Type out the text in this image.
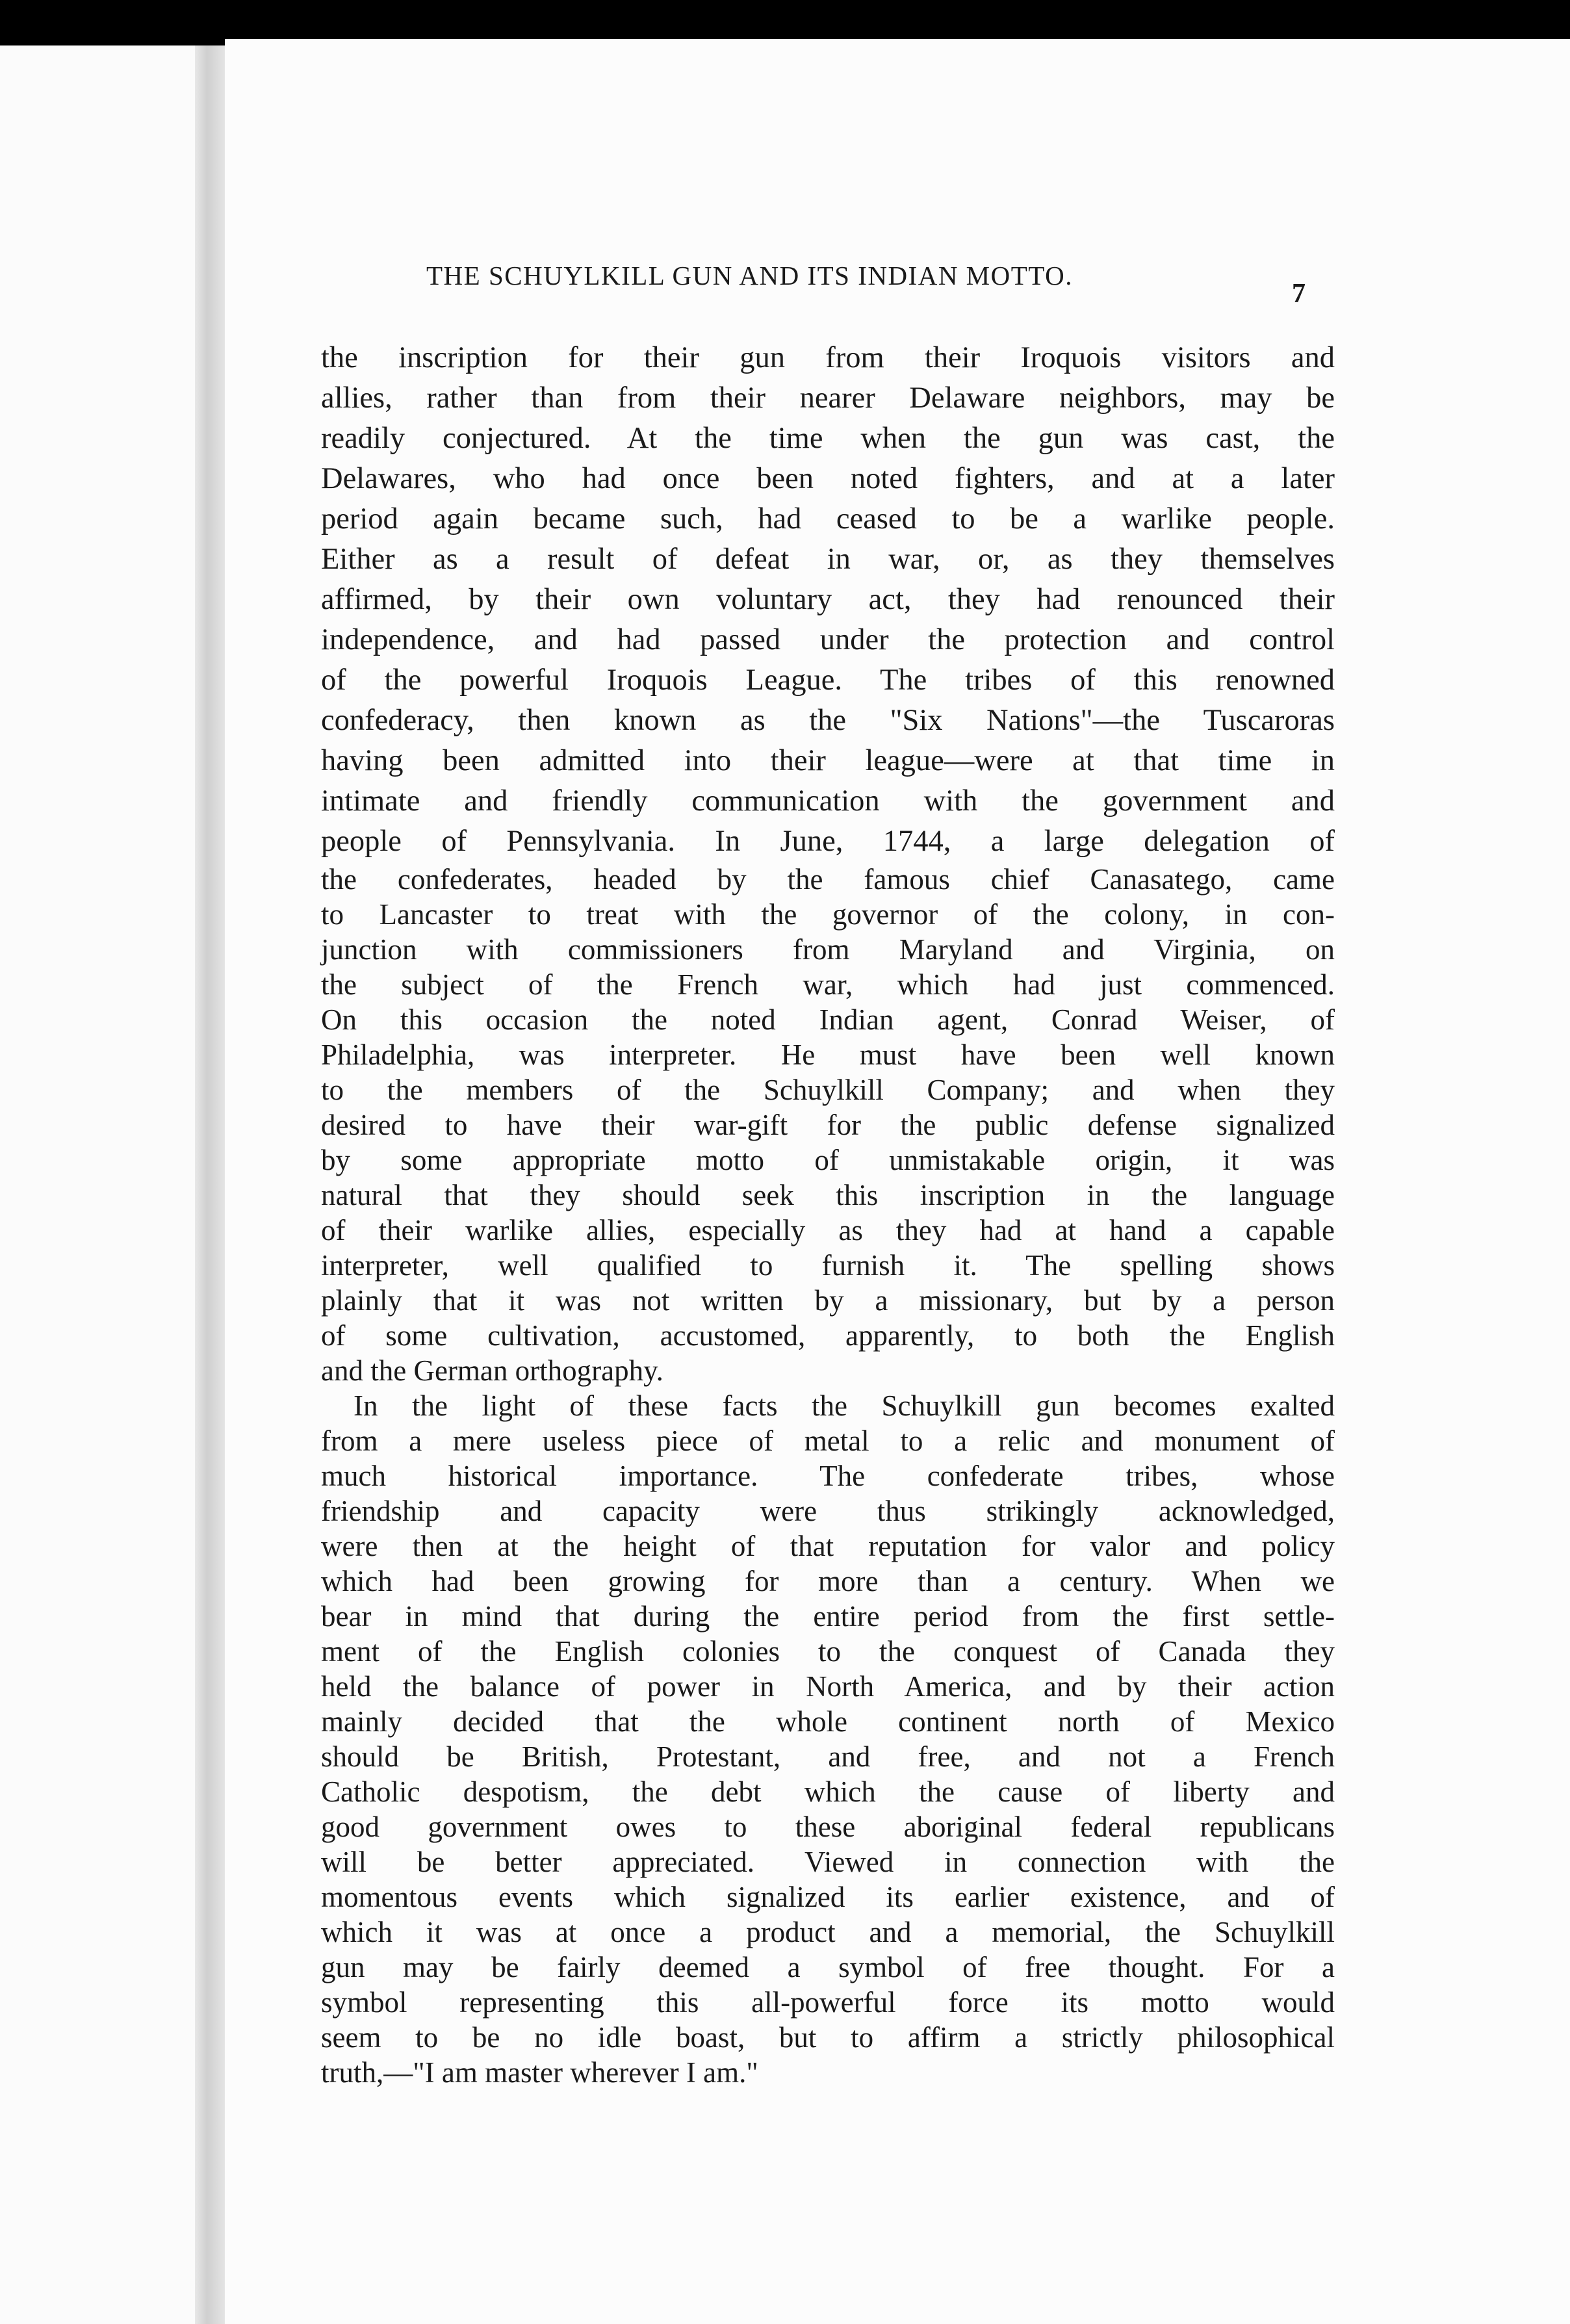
THE SCHUYLKILL GUN AND ITS INDIAN MOTTO.
7
the inscription for their gun from their Iroquois visitors and
allies, rather than from their nearer Delaware neighbors, may be
readily conjectured. At the time when the gun was cast, the
Delawares, who had once been noted fighters, and at a later
period again became such, had ceased to be a warlike people.
Either as a result of defeat in war, or, as they themselves
affirmed, by their own voluntary act, they had renounced their
independence, and had passed under the protection and control
of the powerful Iroquois League. The tribes of this renowned
confederacy, then known as the "Six Nations"—the Tuscaroras
having been admitted into their league—were at that time in
intimate and friendly communication with the government and
people of Pennsylvania. In June, 1744, a large delegation of
the confederates, headed by the famous chief Canasatego, came
to Lancaster to treat with the governor of the colony, in con-
junction with commissioners from Maryland and Virginia, on
the subject of the French war, which had just commenced.
On this occasion the noted Indian agent, Conrad Weiser, of
Philadelphia, was interpreter. He must have been well known
to the members of the Schuylkill Company; and when they
desired to have their war-gift for the public defense signalized
by some appropriate motto of unmistakable origin, it was
natural that they should seek this inscription in the language
of their warlike allies, especially as they had at hand a capable
interpreter, well qualified to furnish it. The spelling shows
plainly that it was not written by a missionary, but by a person
of some cultivation, accustomed, apparently, to both the English
and the German orthography.
In the light of these facts the Schuylkill gun becomes exalted
from a mere useless piece of metal to a relic and monument of
much historical importance. The confederate tribes, whose
friendship and capacity were thus strikingly acknowledged,
were then at the height of that reputation for valor and policy
which had been growing for more than a century. When we
bear in mind that during the entire period from the first settle-
ment of the English colonies to the conquest of Canada they
held the balance of power in North America, and by their action
mainly decided that the whole continent north of Mexico
should be British, Protestant, and free, and not a French
Catholic despotism, the debt which the cause of liberty and
good government owes to these aboriginal federal republicans
will be better appreciated. Viewed in connection with the
momentous events which signalized its earlier existence, and of
which it was at once a product and a memorial, the Schuylkill
gun may be fairly deemed a symbol of free thought. For a
symbol representing this all-powerful force its motto would
seem to be no idle boast, but to affirm a strictly philosophical
truth,—"I am master wherever I am."
